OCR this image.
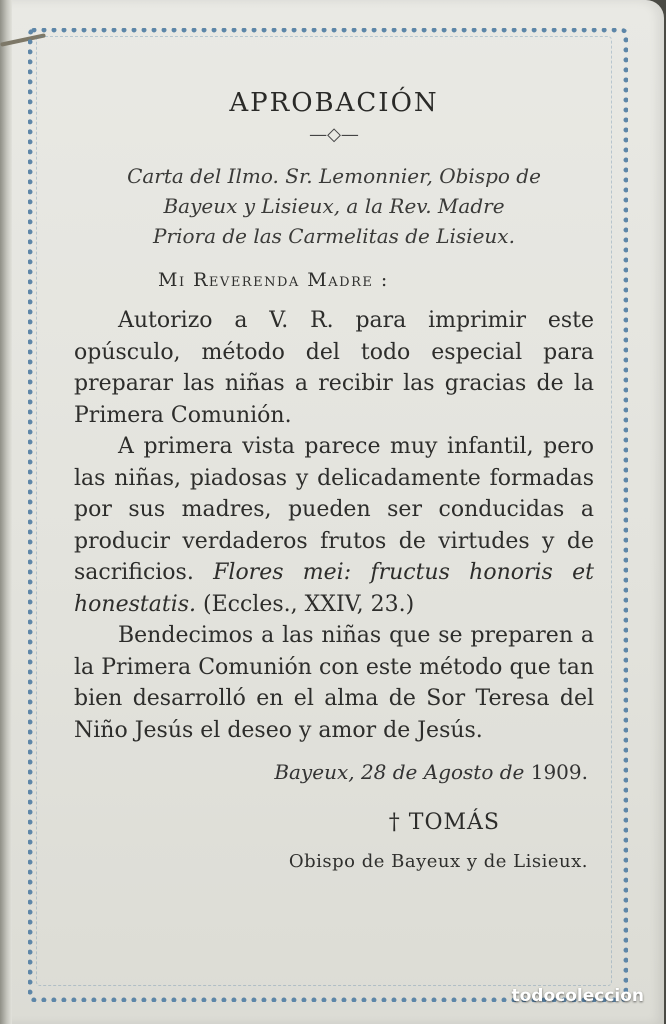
APROBACIÓN
—◇—
Carta del Ilmo. Sr. Lemonnier, Obispo de
Bayeux y Lisieux, a la Rev. Madre
Priora de las Carmelitas de Lisieux.
Mi Reverenda Madre :

Autorizo a V. R. para imprimir este opúsculo, método del todo especial para preparar las niñas a recibir las gracias de la Primera Comunión.

A primera vista parece muy infantil, pero las niñas, piadosas y delicadamente formadas por sus madres, pueden ser conducidas a producir verdaderos frutos de virtudes y de sacrificios. Flores mei: fructus honoris et honestatis. (Eccles., XXIV, 23.)

Bendecimos a las niñas que se preparen a la Primera Comunión con este método que tan bien desarrolló en el alma de Sor Teresa del Niño Jesús el deseo y amor de Jesús.

Bayeux, 28 de Agosto de 1909.
† TOMÁS
Obispo de Bayeux y de Lisieux.
todocoleccion
